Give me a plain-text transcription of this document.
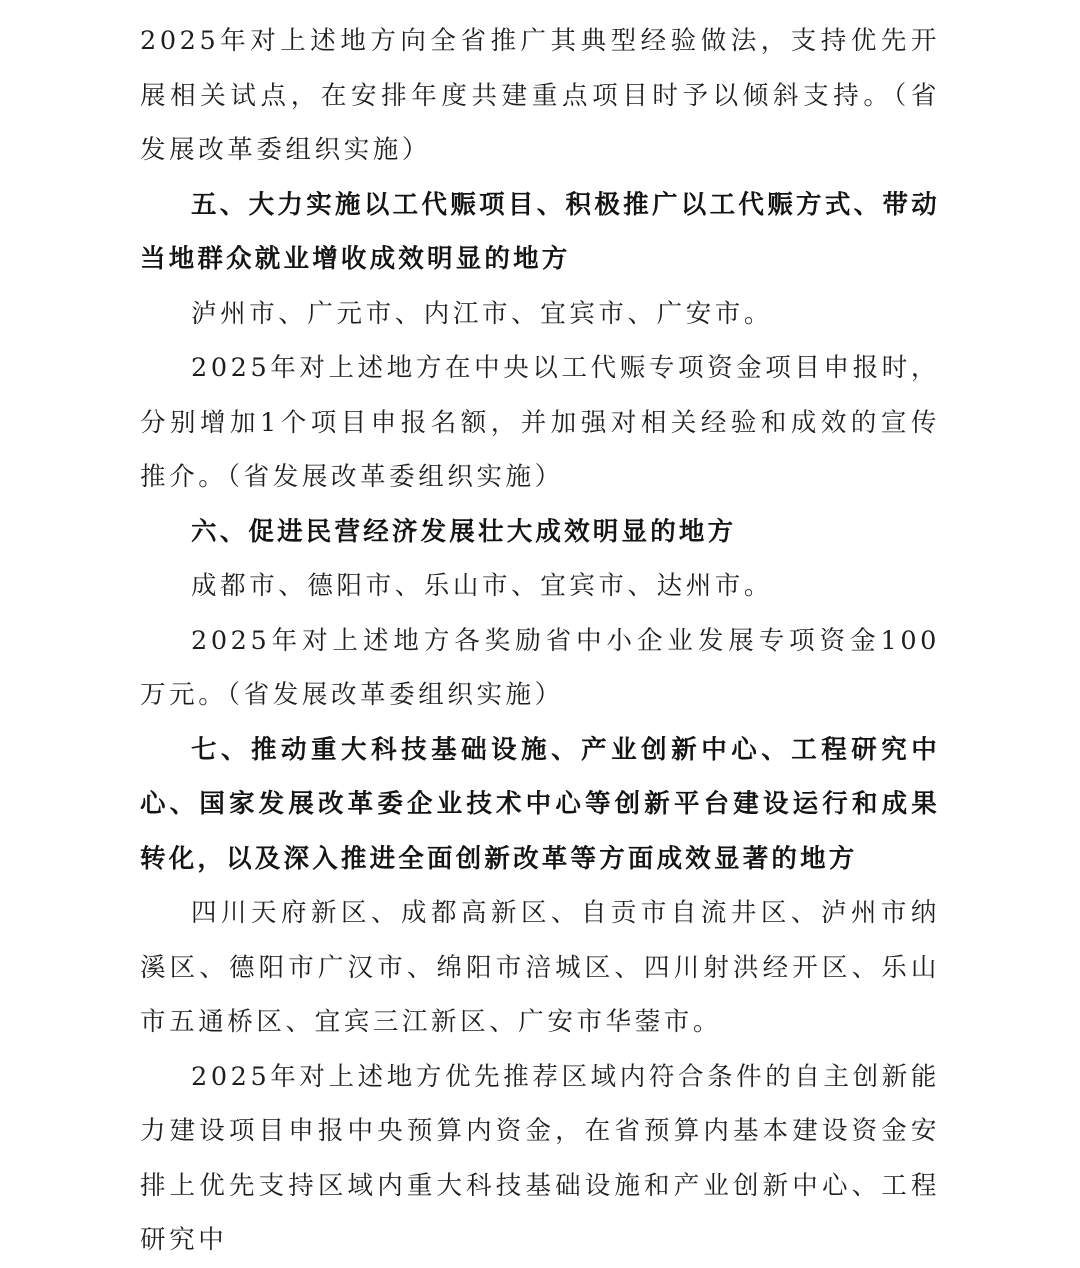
2025年对上述地方向全省推广其典型经验做法，支持优先开展相关试点，在安排年度共建重点项目时予以倾斜支持。（省发展改革委组织实施）

五、大力实施以工代赈项目、积极推广以工代赈方式、带动当地群众就业增收成效明显的地方

泸州市、广元市、内江市、宜宾市、广安市。

2025年对上述地方在中央以工代赈专项资金项目申报时，分别增加1个项目申报名额，并加强对相关经验和成效的宣传推介。（省发展改革委组织实施）

六、促进民营经济发展壮大成效明显的地方

成都市、德阳市、乐山市、宜宾市、达州市。

2025年对上述地方各奖励省中小企业发展专项资金100万元。（省发展改革委组织实施）

七、推动重大科技基础设施、产业创新中心、工程研究中心、国家发展改革委企业技术中心等创新平台建设运行和成果转化，以及深入推进全面创新改革等方面成效显著的地方

四川天府新区、成都高新区、自贡市自流井区、泸州市纳溪区、德阳市广汉市、绵阳市涪城区、四川射洪经开区、乐山市五通桥区、宜宾三江新区、广安市华蓥市。

2025年对上述地方优先推荐区域内符合条件的自主创新能力建设项目申报中央预算内资金，在省预算内基本建设资金安排上优先支持区域内重大科技基础设施和产业创新中心、工程研究中
